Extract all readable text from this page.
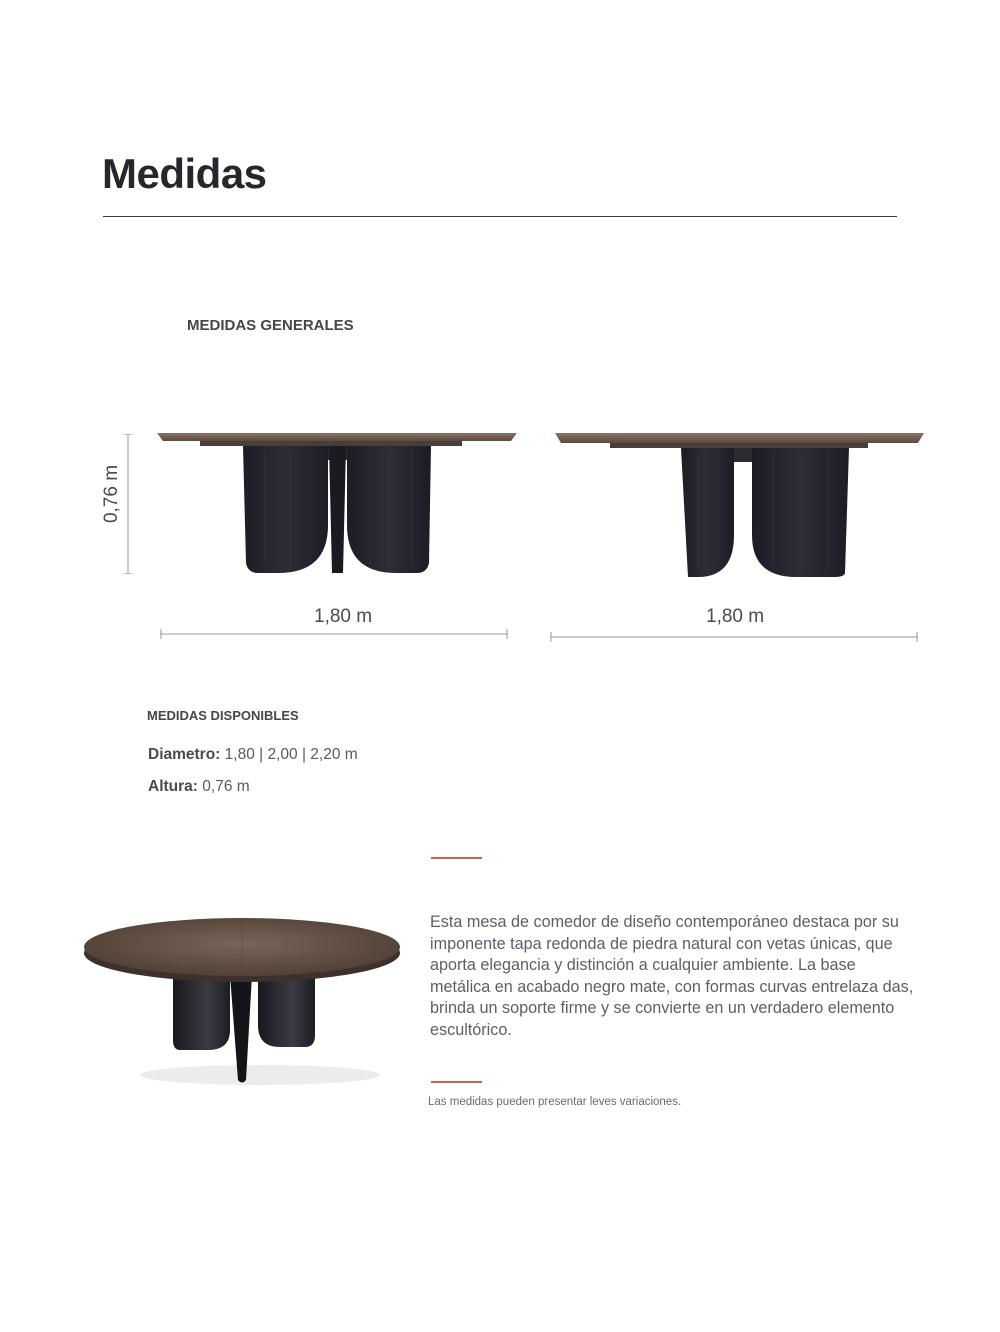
Medidas
MEDIDAS GENERALES
0,76 m
1,80 m	1,80 m
MEDIDAS DISPONIBLES
Diametro: 1,80 | 2,00 | 2,20 m
Altura: 0,76 m

Esta mesa de comedor de diseño contemporáneo destaca por su imponente tapa redonda de piedra natural con vetas únicas, que aporta elegancia y distinción a cualquier ambiente. La base metálica en acabado negro mate, con formas curvas entrelaza das, brinda un soporte firme y se convierte en un verdadero elemento escultórico.

Las medidas pueden presentar leves variaciones.
